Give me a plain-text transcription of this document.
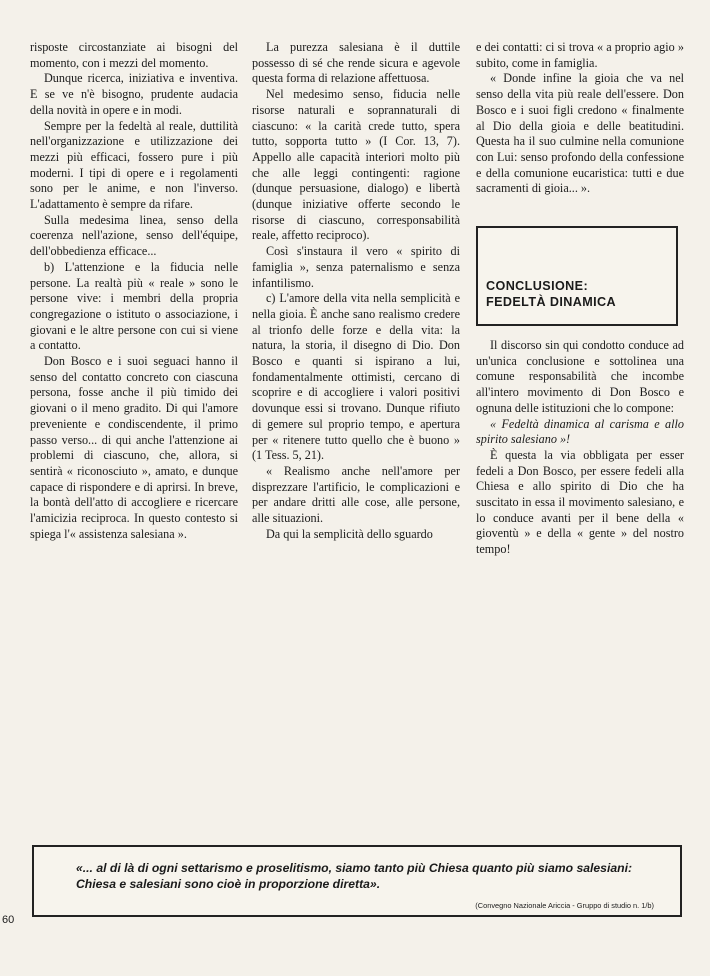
risposte circostanziate ai bisogni del momento, con i mezzi del momento.

Dunque ricerca, iniziativa e inventiva. E se ve n'è bisogno, prudente audacia della novità in opere e in modi.

Sempre per la fedeltà al reale, duttilità nell'organizzazione e utilizzazione dei mezzi più efficaci, fossero pure i più moderni. I tipi di opere e i regolamenti sono per le anime, e non l'inverso. L'adattamento è sempre da rifare.

Sulla medesima linea, senso della coerenza nell'azione, senso dell'équipe, dell'obbedienza efficace...

b) L'attenzione e la fiducia nelle persone. La realtà più « reale » sono le persone vive: i membri della propria congregazione o istituto o associazione, i giovani e le altre persone con cui si viene a contatto.

Don Bosco e i suoi seguaci hanno il senso del contatto concreto con ciascuna persona, fosse anche il più timido dei giovani o il meno gradito. Di qui l'amore preveniente e condiscendente, il primo passo verso... di qui anche l'attenzione ai problemi di ciascuno, che, allora, si sentirà « riconosciuto », amato, e dunque capace di rispondere e di aprirsi. In breve, la bontà dell'atto di accogliere e ricercare l'amicizia reciproca. In questo contesto si spiega l'« assistenza salesiana ».

La purezza salesiana è il duttile possesso di sé che rende sicura e agevole questa forma di relazione affettuosa.

Nel medesimo senso, fiducia nelle risorse naturali e soprannaturali di ciascuno: « la carità crede tutto, spera tutto, sopporta tutto » (I Cor. 13, 7). Appello alle capacità interiori molto più che alle leggi contingenti: ragione (dunque persuasione, dialogo) e libertà (dunque iniziative offerte secondo le risorse di ciascuno, corresponsabilità reale, affetto reciproco).

Così s'instaura il vero « spirito di famiglia », senza paternalismo e senza infantilismo.

c) L'amore della vita nella semplicità e nella gioia. È anche sano realismo credere al trionfo delle forze e della vita: la natura, la storia, il disegno di Dio. Don Bosco e quanti si ispirano a lui, fondamentalmente ottimisti, cercano di scoprire e di accogliere i valori positivi dovunque essi si trovano. Dunque rifiuto di gemere sul proprio tempo, e apertura per « ritenere tutto quello che è buono » (1 Tess. 5, 21).

« Realismo anche nell'amore per disprezzare l'artificio, le complicazioni e per andare dritti alle cose, alle persone, alle situazioni.

Da qui la semplicità dello sguardo

e dei contatti: ci si trova « a proprio agio » subito, come in famiglia.

« Donde infine la gioia che va nel senso della vita più reale dell'essere. Don Bosco e i suoi figli credono « finalmente al Dio della gioia e delle beatitudini. Questa ha il suo culmine nella comunione con Lui: senso profondo della confessione e della comunione eucaristica: tutti e due sacramenti di gioia... ».

CONCLUSIONE:
FEDELTÀ DINAMICA

Il discorso sin qui condotto conduce ad un'unica conclusione e sottolinea una comune responsabilità che incombe all'intero movimento di Don Bosco e ognuna delle istituzioni che lo compone:

« Fedeltà dinamica al carisma e allo spirito salesiano »!

È questa la via obbligata per esser fedeli a Don Bosco, per essere fedeli alla Chiesa e allo spirito di Dio che ha suscitato in essa il movimento salesiano, e lo conduce avanti per il bene della « gioventù » e della « gente » del nostro tempo!

«... al di là di ogni settarismo e proselitismo, siamo tanto più Chiesa quanto più siamo salesiani: Chiesa e salesiani sono cioè in proporzione diretta».
(Convegno Nazionale Ariccia - Gruppo di studio n. 1/b)
60
